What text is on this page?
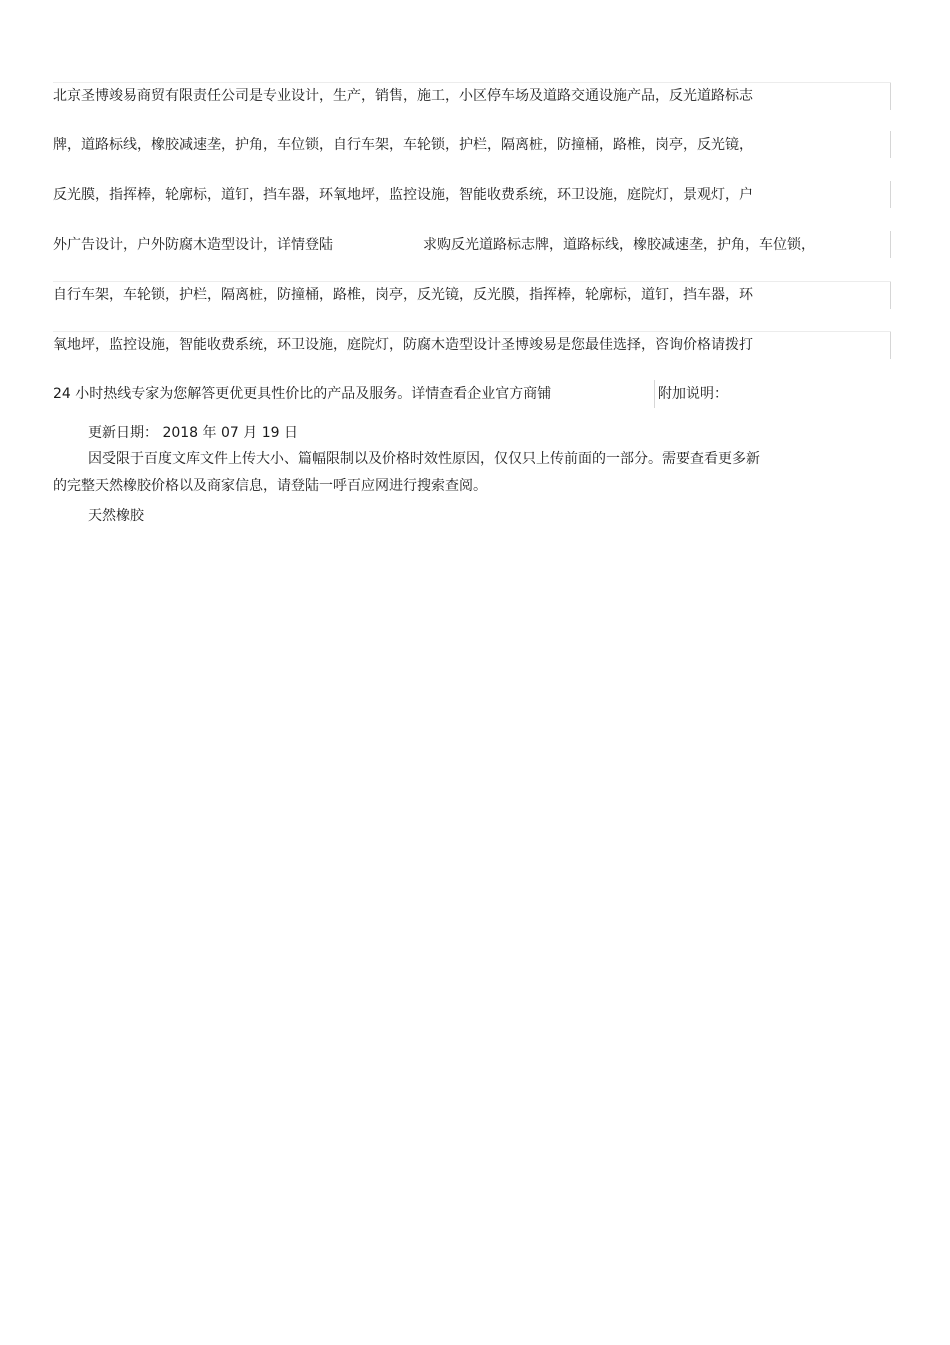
北京圣博竣易商贸有限责任公司是专业设计，生产，销售，施工，小区停车场及道路交通设施产品，反光道路标志
牌，道路标线，橡胶减速垄，护角，车位锁，自行车架，车轮锁，护栏，隔离桩，防撞桶，路椎，岗亭，反光镜，
反光膜，指挥棒，轮廓标，道钉，挡车器，环氧地坪，监控设施，智能收费系统，环卫设施，庭院灯，景观灯，户
外广告设计，户外防腐木造型设计，详情登陆	求购反光道路标志牌，道路标线，橡胶减速垄，护角，车位锁，
自行车架，车轮锁，护栏，隔离桩，防撞桶，路椎，岗亭，反光镜，反光膜，指挥棒，轮廓标，道钉，挡车器，环
氧地坪，监控设施，智能收费系统，环卫设施，庭院灯，防腐木造型设计圣博竣易是您最佳选择，咨询价格请拨打
24 小时热线专家为您解答更优更具性价比的产品及服务。详情查看企业官方商铺	附加说明：
更新日期： 2018 年 07 月 19 日
因受限于百度文库文件上传大小、篇幅限制以及价格时效性原因，仅仅只上传前面的一部分。需要查看更多新
的完整天然橡胶价格以及商家信息，请登陆一呼百应网进行搜索查阅。
天然橡胶
